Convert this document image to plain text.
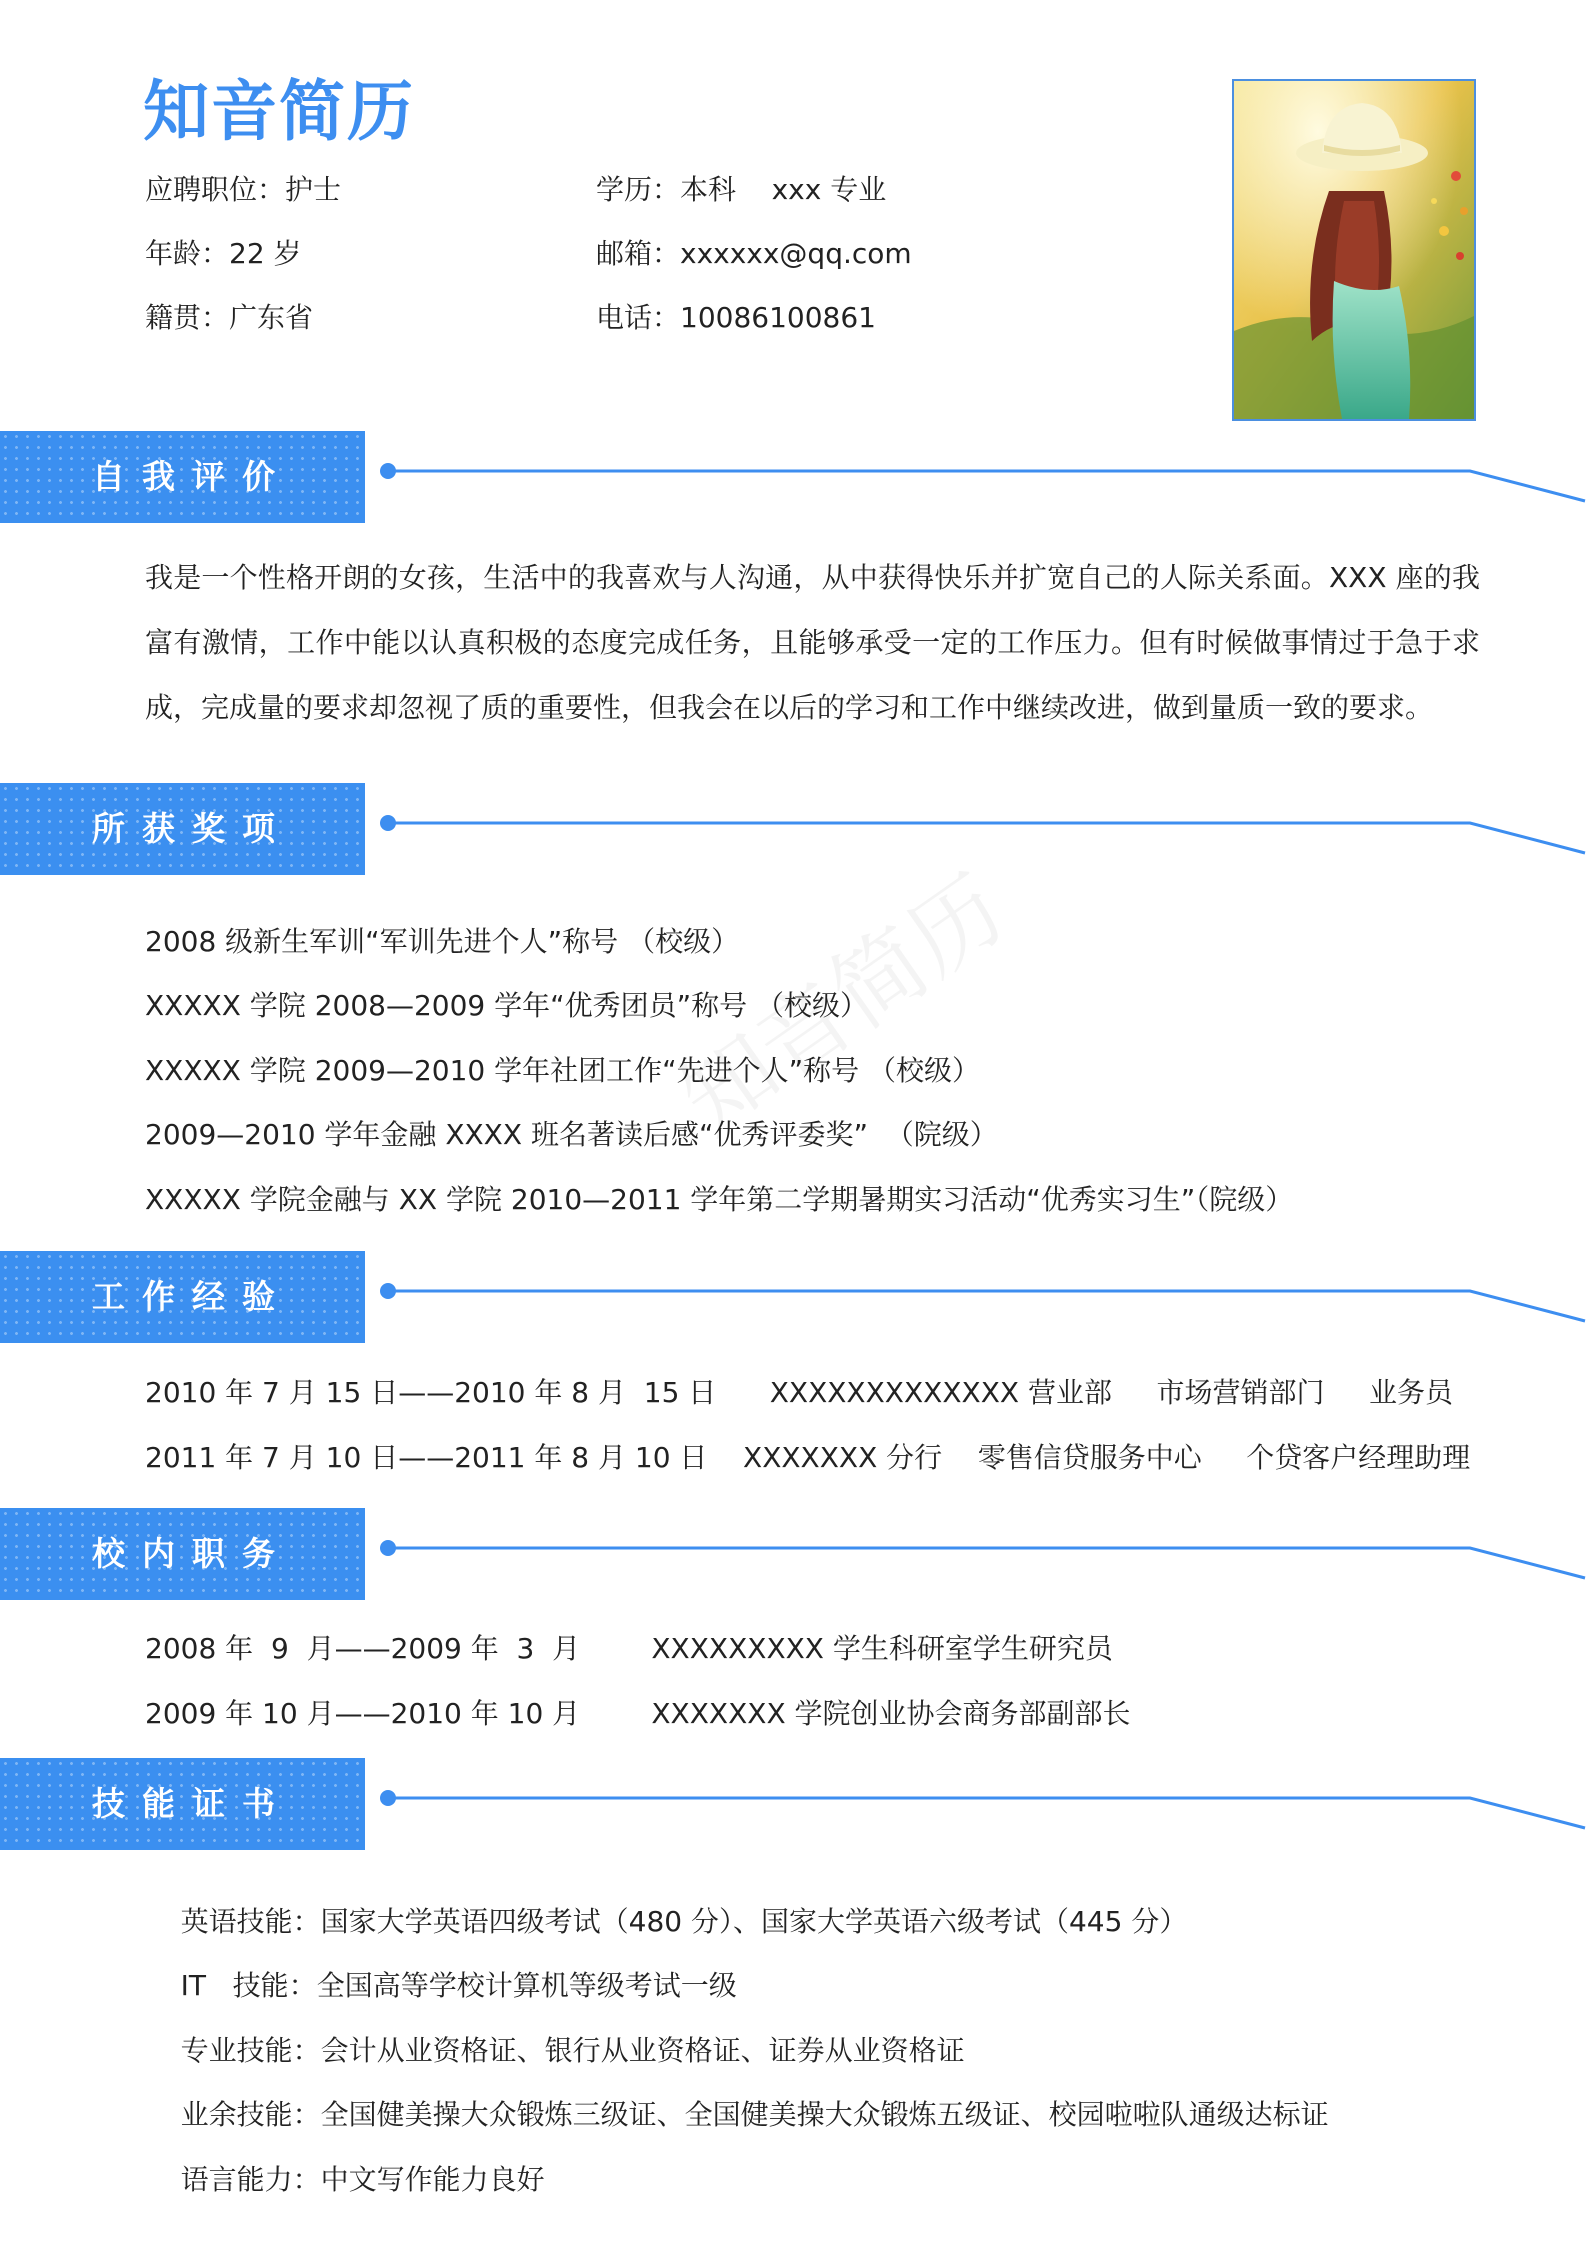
知音简历
应聘职位：护士	学历：本科    xxx 专业
年龄：22 岁	邮箱：xxxxxx@qq.com
籍贯：广东省	电话：10086100861
自我评价

我是一个性格开朗的女孩，生活中的我喜欢与人沟通，从中获得快乐并扩宽自己的人际关系面。XXX 座的我富有激情，工作中能以认真积极的态度完成任务，且能够承受一定的工作压力。但有时候做事情过于急于求成，完成量的要求却忽视了质的重要性，但我会在以后的学习和工作中继续改进，做到量质一致的要求。

所获奖项
2008 级新生军训“军训先进个人”称号 （校级）
XXXXX 学院 2008—2009 学年“优秀团员”称号 （校级）
XXXXX 学院 2009—2010 学年社团工作“先进个人”称号 （校级）
2009—2010 学年金融 XXXX 班名著读后感“优秀评委奖”  （院级）
XXXXX 学院金融与 XX 学院 2010—2011 学年第二学期暑期实习活动“优秀实习生”（院级）
工作经验
2010 年 7 月 15 日——2010 年 8 月  15 日      XXXXXXXXXXXXX 营业部     市场营销部门     业务员
2011 年 7 月 10 日——2011 年 8 月 10 日    XXXXXXX 分行    零售信贷服务中心     个贷客户经理助理
校内职务
2008 年  9  月——2009 年  3  月        XXXXXXXXX 学生科研室学生研究员
2009 年 10 月——2010 年 10 月        XXXXXXX 学院创业协会商务部副部长
技能证书

英语技能：国家大学英语四级考试（480 分）、国家大学英语六级考试（445 分）

IT   技能：全国高等学校计算机等级考试一级

专业技能：会计从业资格证、银行从业资格证、证券从业资格证

业余技能：全国健美操大众锻炼三级证、全国健美操大众锻炼五级证、校园啦啦队通级达标证

语言能力：中文写作能力良好
